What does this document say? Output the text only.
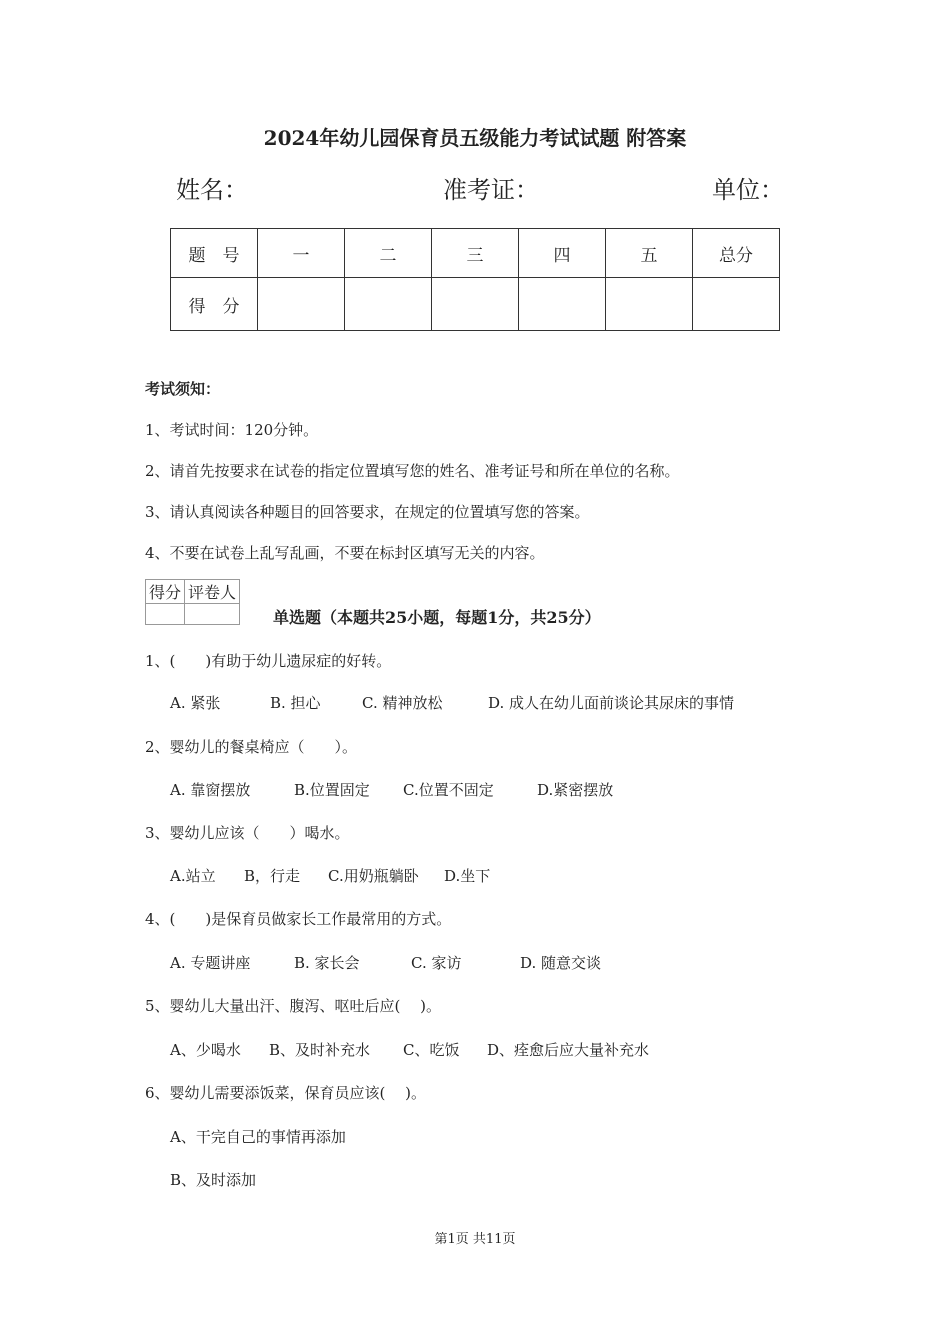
2024年幼儿园保育员五级能力考试试题 附答案
姓名：	准考证：	单位：
题　号	一	二	三	四	五	总分
得　分						
考试须知：
1、考试时间：120分钟。
2、请首先按要求在试卷的指定位置填写您的姓名、准考证号和所在单位的名称。
3、请认真阅读各种题目的回答要求，在规定的位置填写您的答案。
4、不要在试卷上乱写乱画，不要在标封区填写无关的内容。
得分	评卷人

单选题（本题共25小题，每题1分，共25分）
1、(　　)有助于幼儿遗尿症的好转。
A. 紧张	B. 担心	C. 精神放松	D. 成人在幼儿面前谈论其尿床的事情
2、婴幼儿的餐桌椅应（　　）。
A. 靠窗摆放	B.位置固定 C.位置不固定	D.紧密摆放
3、婴幼儿应该（　　）喝水。
A.站立 B，行走 C.用奶瓶躺卧 D.坐下
4、(　　)是保育员做家长工作最常用的方式。
A. 专题讲座	B. 家长会	C. 家访	D. 随意交谈
5、婴幼儿大量出汗、腹泻、呕吐后应(　 )。
A、少喝水 B、及时补充水 C、吃饭 D、痊愈后应大量补充水
6、婴幼儿需要添饭菜，保育员应该(　 )。
A、干完自己的事情再添加
B、及时添加
第1页 共11页
